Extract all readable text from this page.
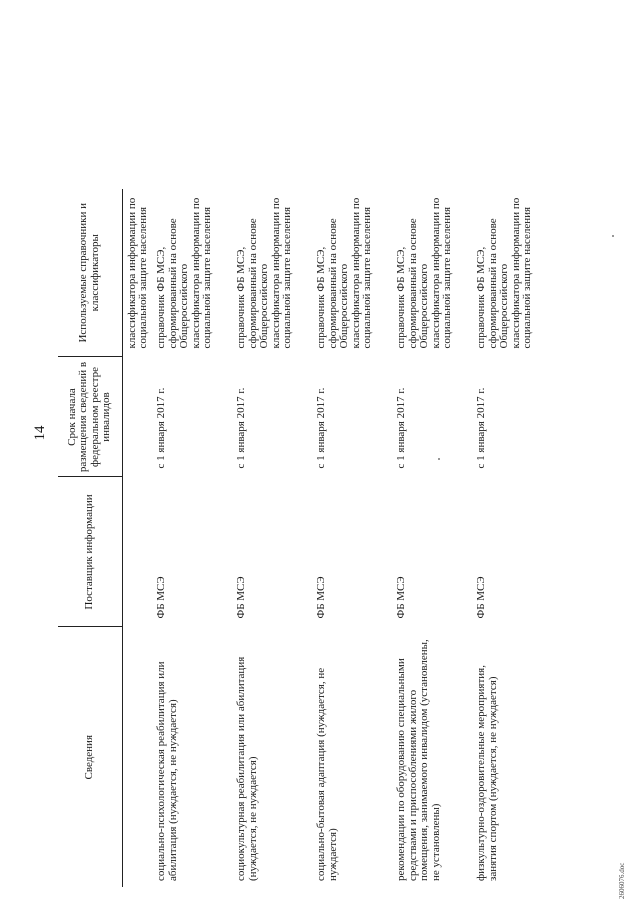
14
Сведения	Поставщик информации	Срок начала размещения сведений в федеральном реестре инвалидов	Используемые справочники и классификаторы
			классификатора информации по социальной защите населения
социально-психологическая реабилитация или абилитация (нуждается, не нуждается)	ФБ МСЭ	с 1 января 2017 г.	справочник ФБ МСЭ, сформированный на основе Общероссийского классификатора информации по социальной защите населения
социокультурная реабилитация или абилитация (нуждается, не нуждается)	ФБ МСЭ	с 1 января 2017 г.	справочник ФБ МСЭ, сформированный на основе Общероссийского классификатора информации по социальной защите населения
социально-бытовая адаптация (нуждается, не нуждается)	ФБ МСЭ	с 1 января 2017 г.	справочник ФБ МСЭ, сформированный на основе Общероссийского классификатора информации по социальной защите населения
рекомендации по оборудованию специальными средствами и приспособлениями жилого помещения, занимаемого инвалидом (установлены, не установлены)	ФБ МСЭ	с 1 января 2017 г.	справочник ФБ МСЭ, сформированный на основе Общероссийского классификатора информации по социальной защите населения
физкультурно-оздоровительные мероприятия, занятия спортом (нуждается, не нуждается)	ФБ МСЭ	с 1 января 2017 г.	справочник ФБ МСЭ, сформированный на основе Общероссийского классификатора информации по социальной защите населения
2606076.doc
